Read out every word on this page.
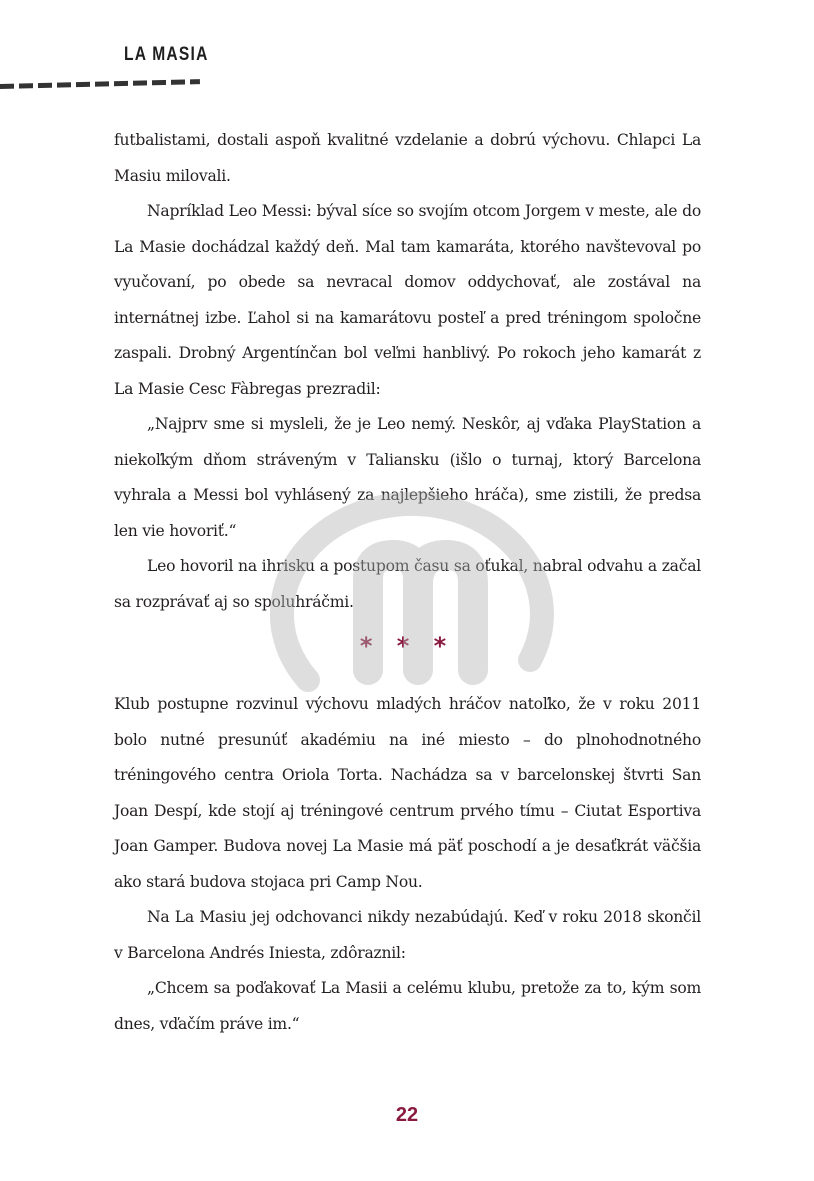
LA MASIA

futbalistami, dostali aspoň kvalitné vzdelanie a dobrú výchovu. Chlapci La Masiu milovali.

Napríklad Leo Messi: býval síce so svojím otcom Jorgem v meste, ale do La Masie dochádzal každý deň. Mal tam kamaráta, ktorého navštevoval po vyučovaní, po obede sa nevracal domov oddychovať, ale zostával na internátnej izbe. Ľahol si na kamarátovu posteľ a pred tréningom spoločne zaspali. Drobný Argentínčan bol veľmi hanblivý. Po rokoch jeho kamarát z La Masie Cesc Fàbregas prezradil:

„Najprv sme si mysleli, že je Leo nemý. Neskôr, aj vďaka PlayStation a niekoľkým dňom stráveným v Taliansku (išlo o turnaj, ktorý Barcelona vyhrala a Messi bol vyhlásený za najlepšieho hráča), sme zistili, že predsa len vie hovoriť.“

Leo hovoril na ihrisku a postupom času sa oťukal, nabral odvahu a začal sa rozprávať aj so spoluhráčmi.

* * *

Klub postupne rozvinul výchovu mladých hráčov natoľko, že v roku 2011 bolo nutné presunúť akadémiu na iné miesto – do plnohodnotného tréningového centra Oriola Torta. Nachádza sa v barcelonskej štvrti San Joan Despí, kde stojí aj tréningové centrum prvého tímu – Ciutat Esportiva Joan Gamper. Budova novej La Masie má päť poschodí a je desaťkrát väčšia ako stará budova stojaca pri Camp Nou.

Na La Masiu jej odchovanci nikdy nezabúdajú. Keď v roku 2018 skončil v Barcelona Andrés Iniesta, zdôraznil:

„Chcem sa poďakovať La Masii a celému klubu, pretože za to, kým som dnes, vďačím práve im.“

22
